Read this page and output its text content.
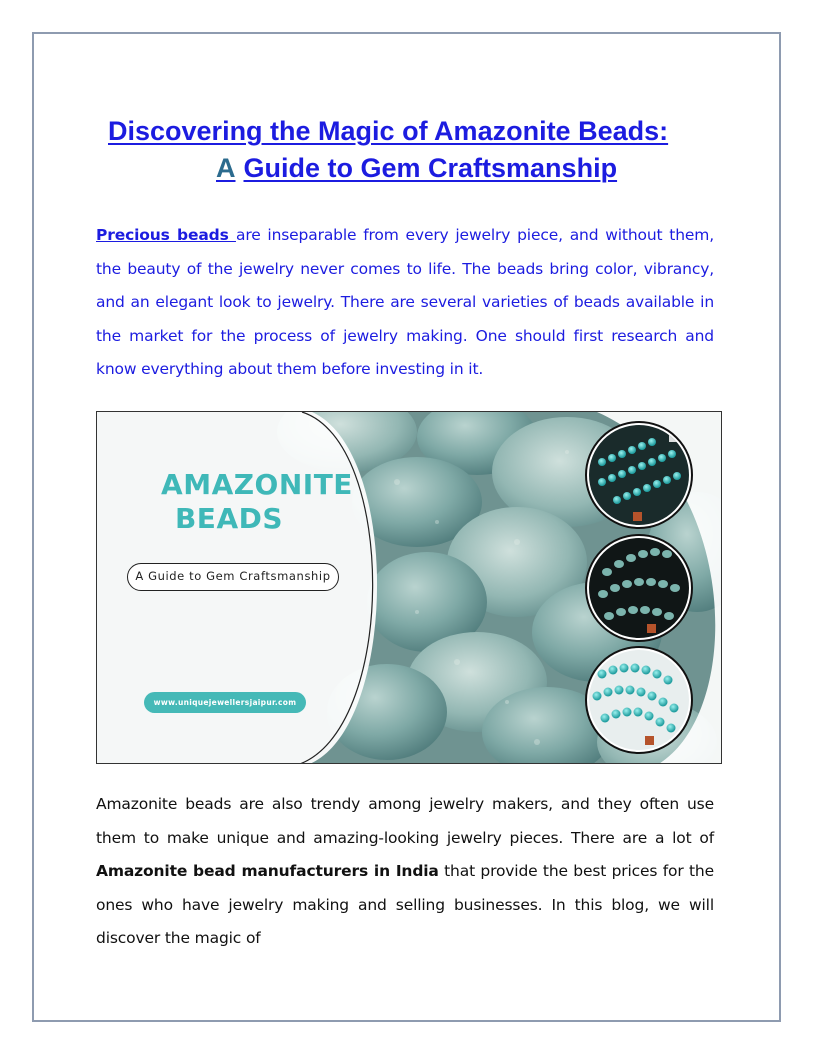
Discovering the Magic of Amazonite Beads:
A Guide to Gem Craftsmanship

Precious beads are inseparable from every jewelry piece, and without them, the beauty of the jewelry never comes to life. The beads bring color, vibrancy, and an elegant look to jewelry. There are several varieties of beads available in the market for the process of jewelry making. One should first research and know everything about them before investing in it.

AMAZONITE
BEADS
A Guide to Gem Craftsmanship
www.uniquejewellersjaipur.com

Amazonite beads are also trendy among jewelry makers, and they often use them to make unique and amazing-looking jewelry pieces. There are a lot of Amazonite bead manufacturers in India that provide the best prices for the ones who have jewelry making and selling businesses. In this blog, we will discover the magic of
